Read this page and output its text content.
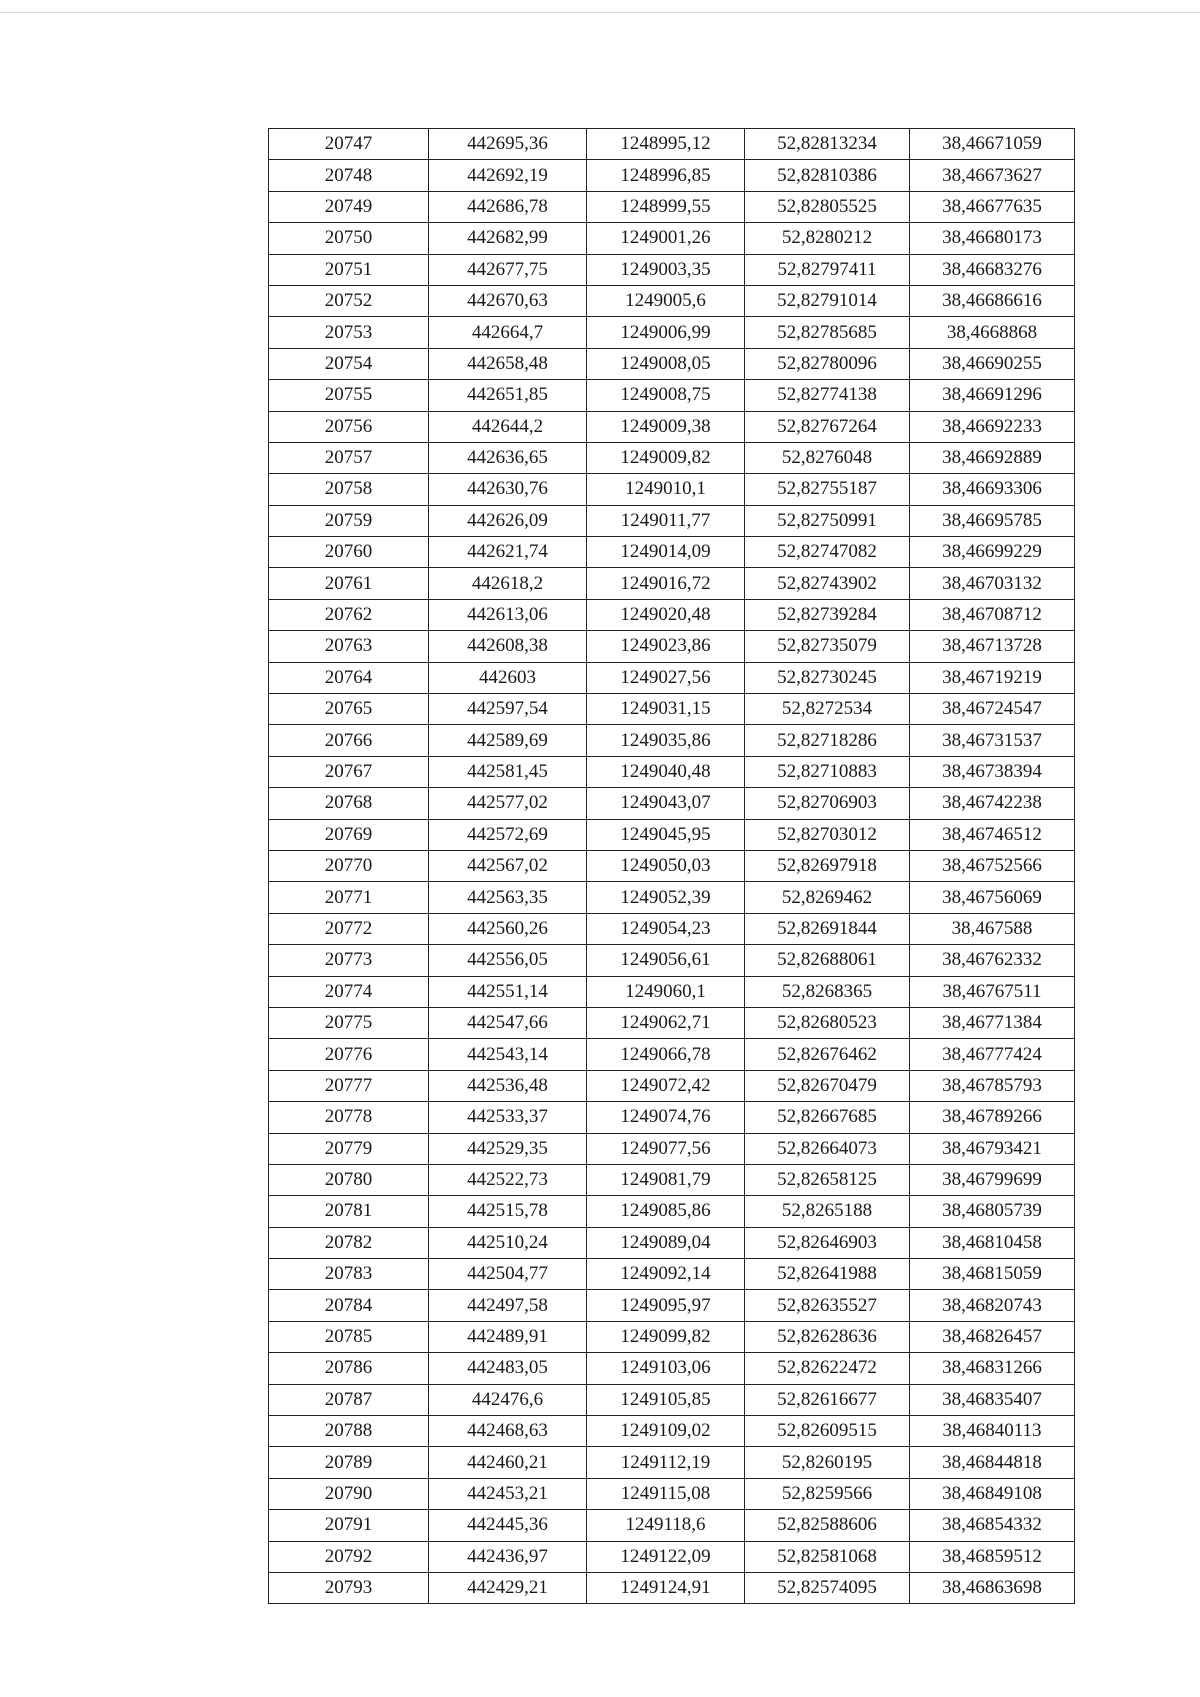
20747	442695,36	1248995,12	52,82813234	38,46671059
20748	442692,19	1248996,85	52,82810386	38,46673627
20749	442686,78	1248999,55	52,82805525	38,46677635
20750	442682,99	1249001,26	52,8280212	38,46680173
20751	442677,75	1249003,35	52,82797411	38,46683276
20752	442670,63	1249005,6	52,82791014	38,46686616
20753	442664,7	1249006,99	52,82785685	38,4668868
20754	442658,48	1249008,05	52,82780096	38,46690255
20755	442651,85	1249008,75	52,82774138	38,46691296
20756	442644,2	1249009,38	52,82767264	38,46692233
20757	442636,65	1249009,82	52,8276048	38,46692889
20758	442630,76	1249010,1	52,82755187	38,46693306
20759	442626,09	1249011,77	52,82750991	38,46695785
20760	442621,74	1249014,09	52,82747082	38,46699229
20761	442618,2	1249016,72	52,82743902	38,46703132
20762	442613,06	1249020,48	52,82739284	38,46708712
20763	442608,38	1249023,86	52,82735079	38,46713728
20764	442603	1249027,56	52,82730245	38,46719219
20765	442597,54	1249031,15	52,8272534	38,46724547
20766	442589,69	1249035,86	52,82718286	38,46731537
20767	442581,45	1249040,48	52,82710883	38,46738394
20768	442577,02	1249043,07	52,82706903	38,46742238
20769	442572,69	1249045,95	52,82703012	38,46746512
20770	442567,02	1249050,03	52,82697918	38,46752566
20771	442563,35	1249052,39	52,8269462	38,46756069
20772	442560,26	1249054,23	52,82691844	38,467588
20773	442556,05	1249056,61	52,82688061	38,46762332
20774	442551,14	1249060,1	52,8268365	38,46767511
20775	442547,66	1249062,71	52,82680523	38,46771384
20776	442543,14	1249066,78	52,82676462	38,46777424
20777	442536,48	1249072,42	52,82670479	38,46785793
20778	442533,37	1249074,76	52,82667685	38,46789266
20779	442529,35	1249077,56	52,82664073	38,46793421
20780	442522,73	1249081,79	52,82658125	38,46799699
20781	442515,78	1249085,86	52,8265188	38,46805739
20782	442510,24	1249089,04	52,82646903	38,46810458
20783	442504,77	1249092,14	52,82641988	38,46815059
20784	442497,58	1249095,97	52,82635527	38,46820743
20785	442489,91	1249099,82	52,82628636	38,46826457
20786	442483,05	1249103,06	52,82622472	38,46831266
20787	442476,6	1249105,85	52,82616677	38,46835407
20788	442468,63	1249109,02	52,82609515	38,46840113
20789	442460,21	1249112,19	52,8260195	38,46844818
20790	442453,21	1249115,08	52,8259566	38,46849108
20791	442445,36	1249118,6	52,82588606	38,46854332
20792	442436,97	1249122,09	52,82581068	38,46859512
20793	442429,21	1249124,91	52,82574095	38,46863698
